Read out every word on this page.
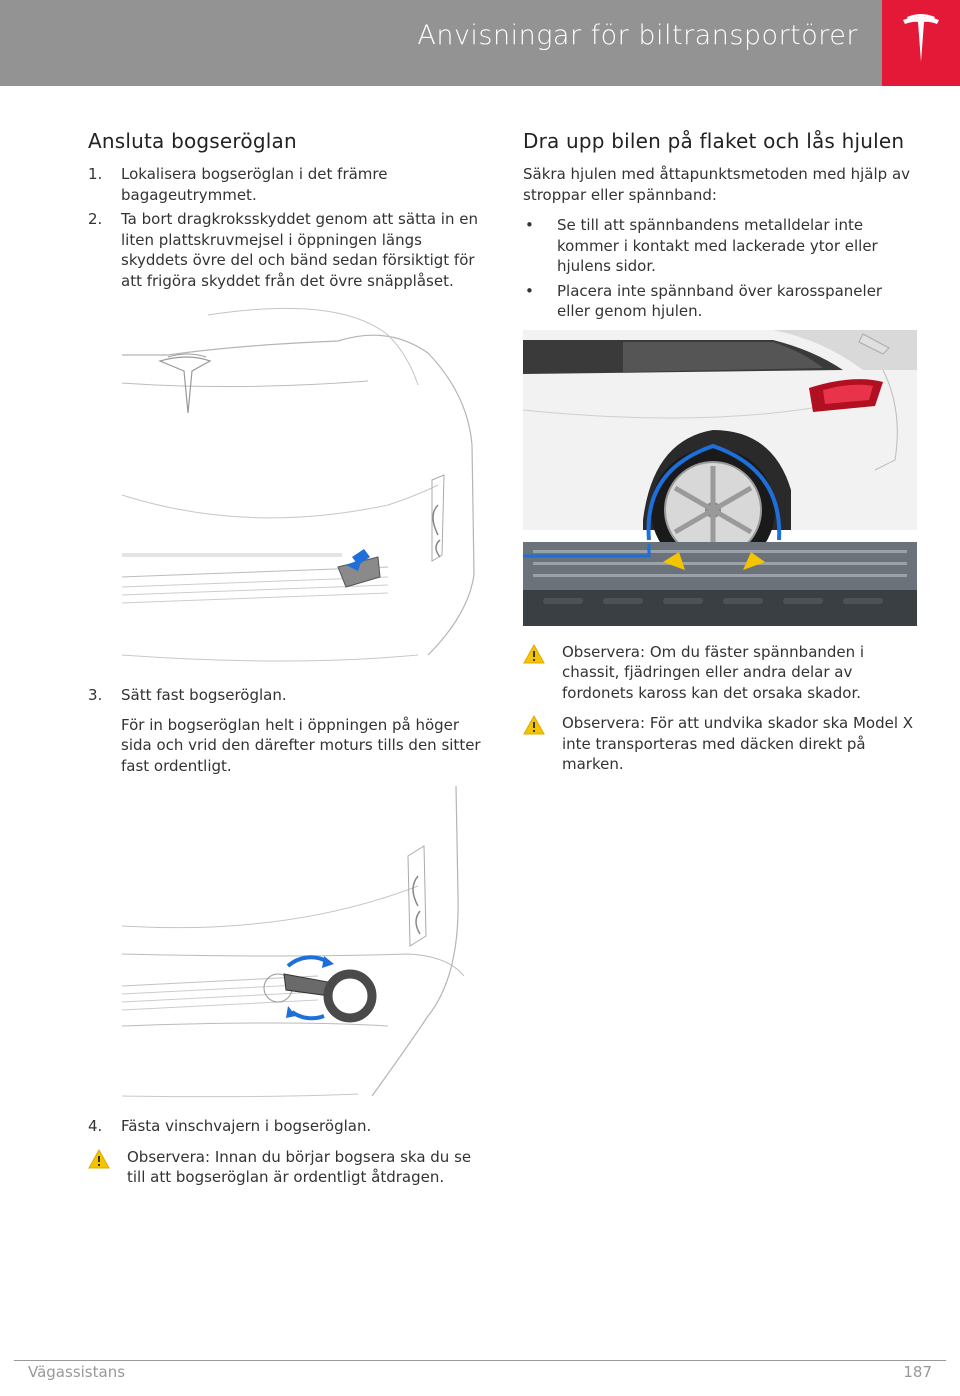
Anvisningar för biltransportörer
Ansluta bogseröglan
1. Lokalisera bogseröglan i det främre bagageutrymmet.
2. Ta bort dragkroksskyddet genom att sätta in en liten plattskruvmejsel i öppningen längs skyddets övre del och bänd sedan försiktigt för att frigöra skyddet från det övre snäpplåset.
3. Sätt fast bogseröglan.
För in bogseröglan helt i öppningen på höger sida och vrid den därefter moturs tills den sitter fast ordentligt.
4. Fästa vinschvajern i bogseröglan.
Observera: Innan du börjar bogsera ska du se till att bogseröglan är ordentligt åtdragen.
Dra upp bilen på flaket och lås hjulen
Säkra hjulen med åttapunktsmetoden med hjälp av stroppar eller spännband:
• Se till att spännbandens metalldelar inte kommer i kontakt med lackerade ytor eller hjulens sidor.
• Placera inte spännband över karosspaneler eller genom hjulen.
Observera: Om du fäster spännbanden i chassit, fjädringen eller andra delar av fordonets kaross kan det orsaka skador.
Observera: För att undvika skador ska Model X inte transporteras med däcken direkt på marken.
Vägassistans	187
